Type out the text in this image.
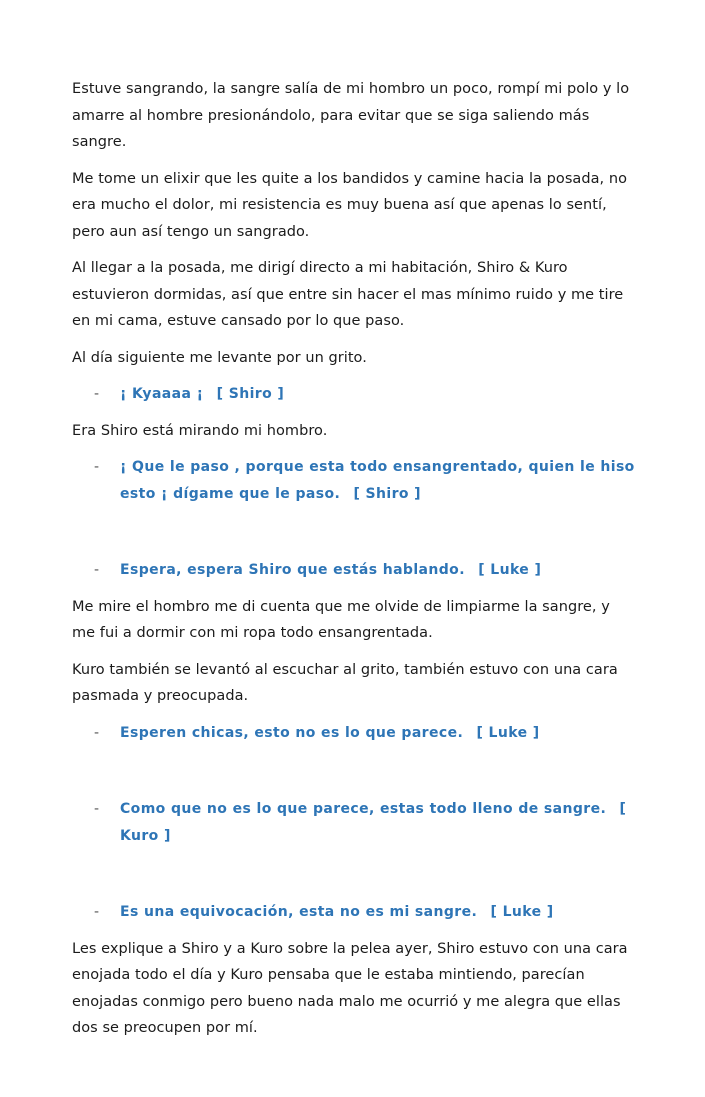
Estuve sangrando, la sangre salía de mi hombro un poco, rompí mi polo y lo amarre al hombre presionándolo, para evitar que se siga saliendo más sangre.

Me tome un elixir que les quite a los bandidos y camine hacia la posada, no era mucho el dolor, mi resistencia es muy buena así que apenas lo sentí, pero aun así tengo un sangrado.

Al llegar a la posada, me dirigí directo a mi habitación, Shiro & Kuro estuvieron dormidas, así que entre sin hacer el mas mínimo ruido y me tire en mi cama, estuve cansado por lo que paso.

Al día siguiente me levante por un grito.

- ¡ Kyaaaa ¡ [ Shiro ]

Era Shiro está mirando mi hombro.

- ¡ Que le paso , porque esta todo ensangrentado, quien le hiso esto ¡ dígame que le paso. [ Shiro ]
- Espera, espera Shiro que estás hablando. [ Luke ]

Me mire el hombro me di cuenta que me olvide de limpiarme la sangre, y me fui a dormir con mi ropa todo ensangrentada.

Kuro también se levantó al escuchar al grito, también estuvo con una cara pasmada y preocupada.

- Esperen chicas, esto no es lo que parece. [ Luke ]
- Como que no es lo que parece, estas todo lleno de sangre. [ Kuro ]
- Es una equivocación, esta no es mi sangre. [ Luke ]

Les explique a Shiro y a Kuro sobre la pelea ayer, Shiro estuvo con una cara enojada todo el día y Kuro pensaba que le estaba mintiendo, parecían enojadas conmigo pero bueno nada malo me ocurrió y me alegra que ellas dos se preocupen por mí.
